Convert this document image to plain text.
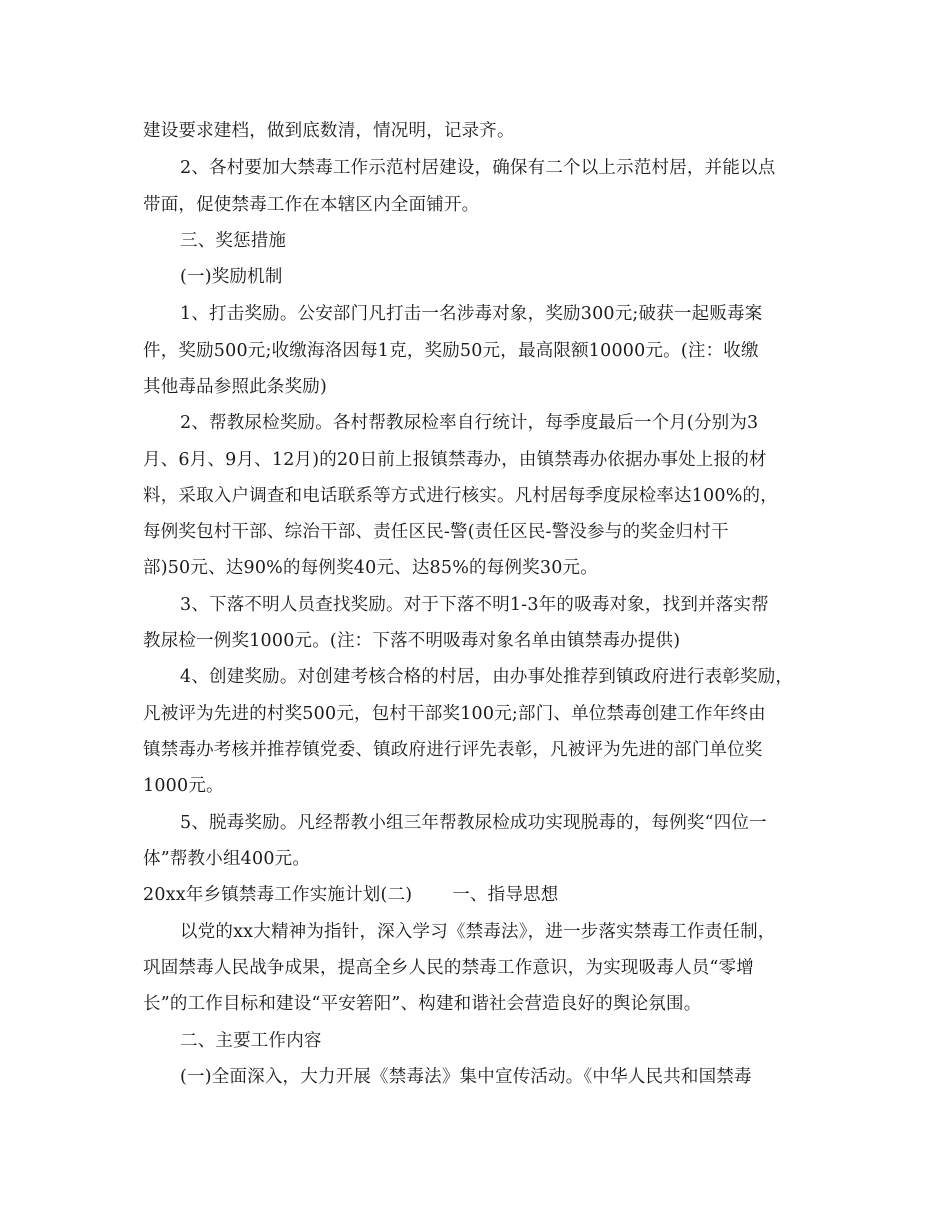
建设要求建档，做到底数清，情况明，记录齐。
2、各村要加大禁毒工作示范村居建设，确保有二个以上示范村居，并能以点
带面，促使禁毒工作在本辖区内全面铺开。
三、奖惩措施
(一)奖励机制
1、打击奖励。公安部门凡打击一名涉毒对象，奖励300元;破获一起贩毒案
件，奖励500元;收缴海洛因每1克，奖励50元，最高限额10000元。(注：收缴
其他毒品参照此条奖励)
2、帮教尿检奖励。各村帮教尿检率自行统计，每季度最后一个月(分别为3
月、6月、9月、12月)的20日前上报镇禁毒办，由镇禁毒办依据办事处上报的材
料，采取入户调查和电话联系等方式进行核实。凡村居每季度尿检率达100%的，
每例奖包村干部、综治干部、责任区民-警(责任区民-警没参与的奖金归村干
部)50元、达90%的每例奖40元、达85%的每例奖30元。
3、下落不明人员查找奖励。对于下落不明1-3年的吸毒对象，找到并落实帮
教尿检一例奖1000元。(注：下落不明吸毒对象名单由镇禁毒办提供)
4、创建奖励。对创建考核合格的村居，由办事处推荐到镇政府进行表彰奖励，
凡被评为先进的村奖500元，包村干部奖100元;部门、单位禁毒创建工作年终由
镇禁毒办考核并推荐镇党委、镇政府进行评先表彰，凡被评为先进的部门单位奖
1000元。
5、脱毒奖励。凡经帮教小组三年帮教尿检成功实现脱毒的，每例奖“四位一
体”帮教小组400元。
20xx年乡镇禁毒工作实施计划(二) 一、指导思想
以党的xx大精神为指针，深入学习《禁毒法》，进一步落实禁毒工作责任制，
巩固禁毒人民战争成果，提高全乡人民的禁毒工作意识，为实现吸毒人员“零增
长”的工作目标和建设“平安箬阳”、构建和谐社会营造良好的舆论氛围。
二、主要工作内容
(一)全面深入，大力开展《禁毒法》集中宣传活动。《中华人民共和国禁毒
